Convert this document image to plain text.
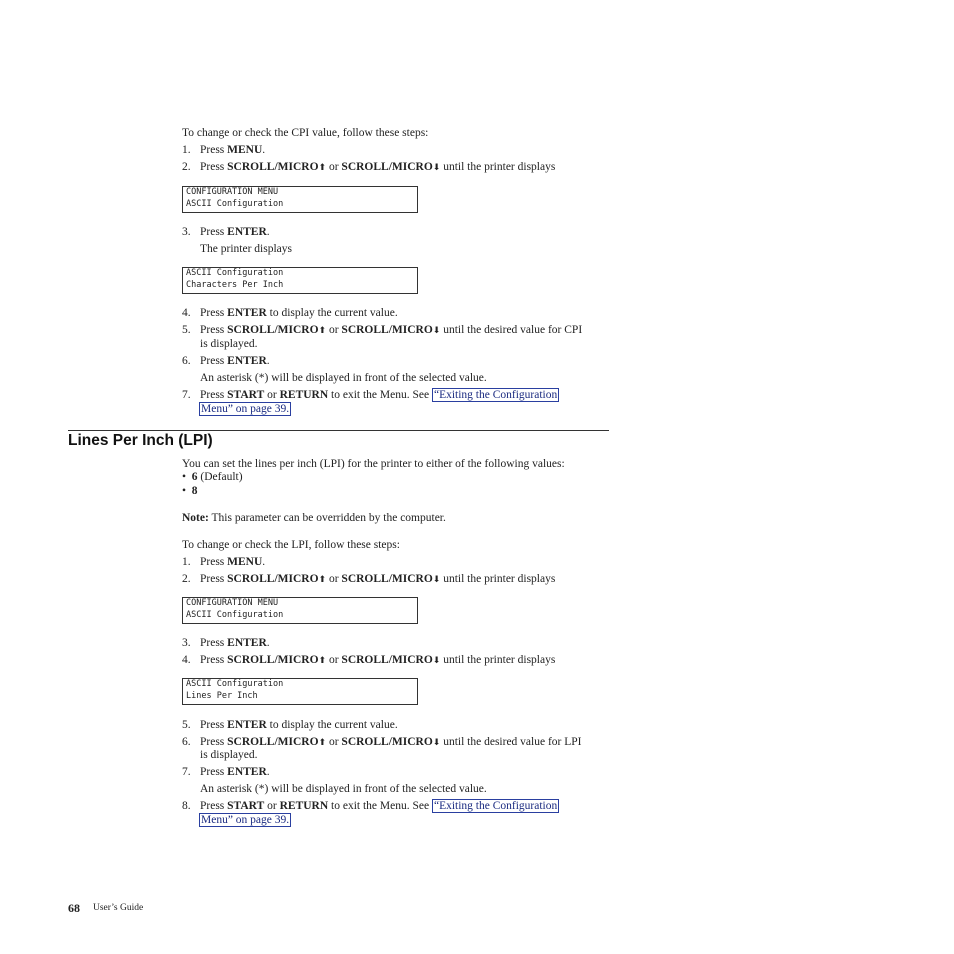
To change or check the CPI value, follow these steps:
1. Press MENU.
2. Press SCROLL/MICRO⬆ or SCROLL/MICRO⬇ until the printer displays
CONFIGURATION MENU
ASCII Configuration
3. Press ENTER.
The printer displays
ASCII Configuration
Characters Per Inch
4. Press ENTER to display the current value.
5. Press SCROLL/MICRO⬆ or SCROLL/MICRO⬇ until the desired value for CPI
is displayed.
6. Press ENTER.
An asterisk (*) will be displayed in front of the selected value.
7. Press START or RETURN to exit the Menu. See “Exiting the Configuration
Menu” on page 39.
Lines Per Inch (LPI)
You can set the lines per inch (LPI) for the printer to either of the following values:
•  6 (Default)
•  8
Note: This parameter can be overridden by the computer.
To change or check the LPI, follow these steps:
1. Press MENU.
2. Press SCROLL/MICRO⬆ or SCROLL/MICRO⬇ until the printer displays
CONFIGURATION MENU
ASCII Configuration
3. Press ENTER.
4. Press SCROLL/MICRO⬆ or SCROLL/MICRO⬇ until the printer displays
ASCII Configuration
Lines Per Inch
5. Press ENTER to display the current value.
6. Press SCROLL/MICRO⬆ or SCROLL/MICRO⬇ until the desired value for LPI
is displayed.
7. Press ENTER.
An asterisk (*) will be displayed in front of the selected value.
8. Press START or RETURN to exit the Menu. See “Exiting the Configuration
Menu” on page 39.
68 User’s Guide
